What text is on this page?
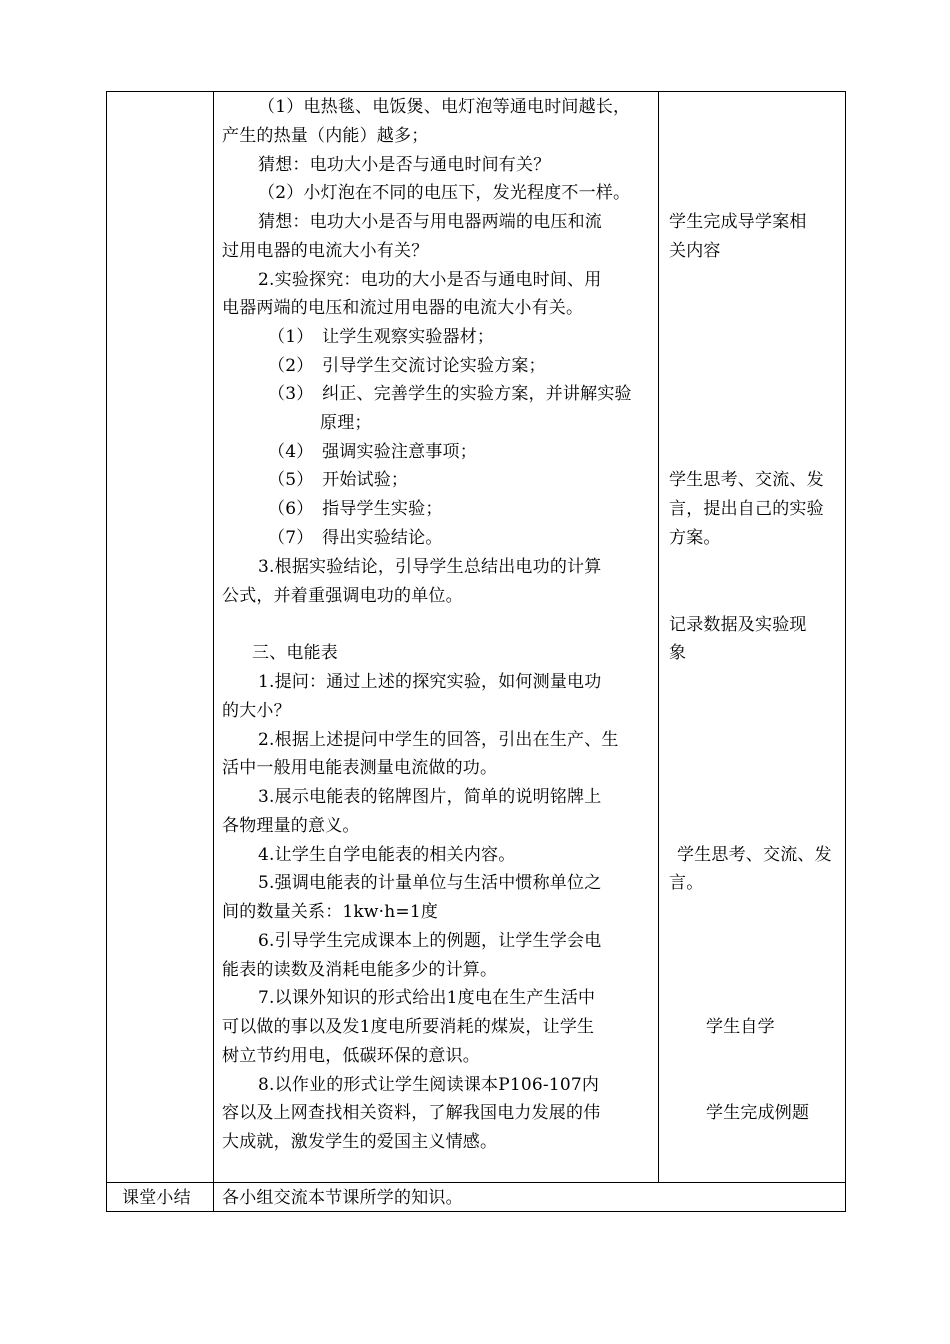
（1）电热毯、电饭煲、电灯泡等通电时间越长，
产生的热量（内能）越多；
猜想：电功大小是否与通电时间有关？
（2）小灯泡在不同的电压下，发光程度不一样。
猜想：电功大小是否与用电器两端的电压和流
过用电器的电流大小有关？
2.实验探究：电功的大小是否与通电时间、用
电器两端的电压和流过用电器的电流大小有关。
（1）　让学生观察实验器材；
（2）　引导学生交流讨论实验方案；
（3）　纠正、完善学生的实验方案，并讲解实验
原理；
（4）　强调实验注意事项；
（5）　开始试验；
（6）　指导学生实验；
（7）　得出实验结论。
3.根据实验结论，引导学生总结出电功的计算
公式，并着重强调电功的单位。
三、电能表
1.提问：通过上述的探究实验，如何测量电功
的大小？
2.根据上述提问中学生的回答，引出在生产、生
活中一般用电能表测量电流做的功。
3.展示电能表的铭牌图片，简单的说明铭牌上
各物理量的意义。
4.让学生自学电能表的相关内容。
5.强调电能表的计量单位与生活中惯称单位之
间的数量关系：1kw·h=1度
6.引导学生完成课本上的例题，让学生学会电
能表的读数及消耗电能多少的计算。
7.以课外知识的形式给出1度电在生产生活中
可以做的事以及发1度电所要消耗的煤炭，让学生
树立节约用电，低碳环保的意识。
8.以作业的形式让学生阅读课本P106-107内
容以及上网查找相关资料，了解我国电力发展的伟
大成就，激发学生的爱国主义情感。
学生完成导学案相
关内容
学生思考、交流、发
言，提出自己的实验
方案。
记录数据及实验现
象
学生思考、交流、发
言。
学生自学
学生完成例题
课堂小结 各小组交流本节课所学的知识。
